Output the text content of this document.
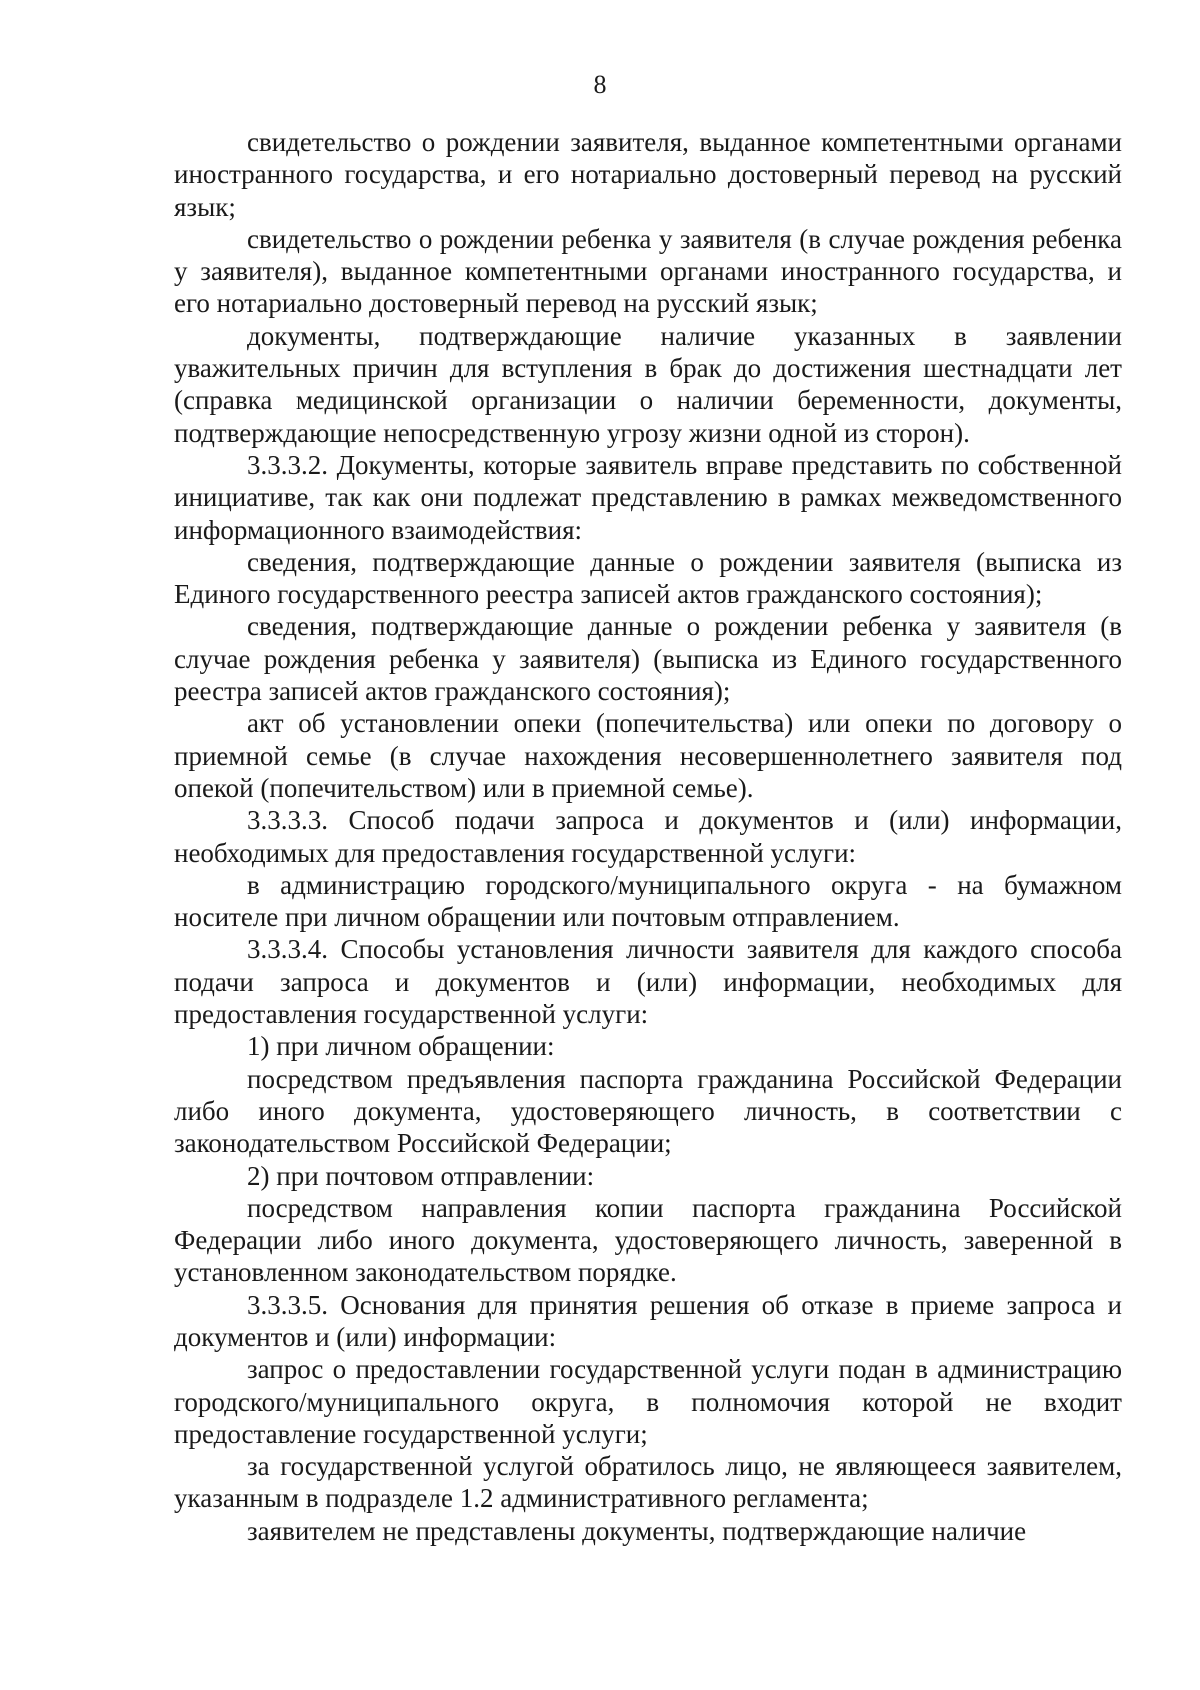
8

свидетельство о рождении заявителя, выданное компетентными органами иностранного государства, и его нотариально достоверный перевод на русский язык;

свидетельство о рождении ребенка у заявителя (в случае рождения ребенка у заявителя), выданное компетентными органами иностранного государства, и его нотариально достоверный перевод на русский язык;

документы, подтверждающие наличие указанных в заявлении уважительных причин для вступления в брак до достижения шестнадцати лет (справка медицинской организации о наличии беременности, документы, подтверждающие непосредственную угрозу жизни одной из сторон).

3.3.3.2. Документы, которые заявитель вправе представить по собственной инициативе, так как они подлежат представлению в рамках межведомственного информационного взаимодействия:

сведения, подтверждающие данные о рождении заявителя (выписка из Единого государственного реестра записей актов гражданского состояния);

сведения, подтверждающие данные о рождении ребенка у заявителя (в случае рождения ребенка у заявителя) (выписка из Единого государственного реестра записей актов гражданского состояния);

акт об установлении опеки (попечительства) или опеки по договору о приемной семье (в случае нахождения несовершеннолетнего заявителя под опекой (попечительством) или в приемной семье).

3.3.3.3. Способ подачи запроса и документов и (или) информации, необходимых для предоставления государственной услуги:

в администрацию городского/муниципального округа - на бумажном носителе при личном обращении или почтовым отправлением.

3.3.3.4. Способы установления личности заявителя для каждого способа подачи запроса и документов и (или) информации, необходимых для предоставления государственной услуги:

1) при личном обращении:

посредством предъявления паспорта гражданина Российской Федерации либо иного документа, удостоверяющего личность, в соответствии с законодательством Российской Федерации;

2) при почтовом отправлении:

посредством направления копии паспорта гражданина Российской Федерации либо иного документа, удостоверяющего личность, заверенной в установленном законодательством порядке.

3.3.3.5. Основания для принятия решения об отказе в приеме запроса и документов и (или) информации:

запрос о предоставлении государственной услуги подан в администрацию городского/муниципального округа, в полномочия которой не входит предоставление государственной услуги;

за государственной услугой обратилось лицо, не являющееся заявителем, указанным в подразделе 1.2 административного регламента;

заявителем не представлены документы, подтверждающие наличие
